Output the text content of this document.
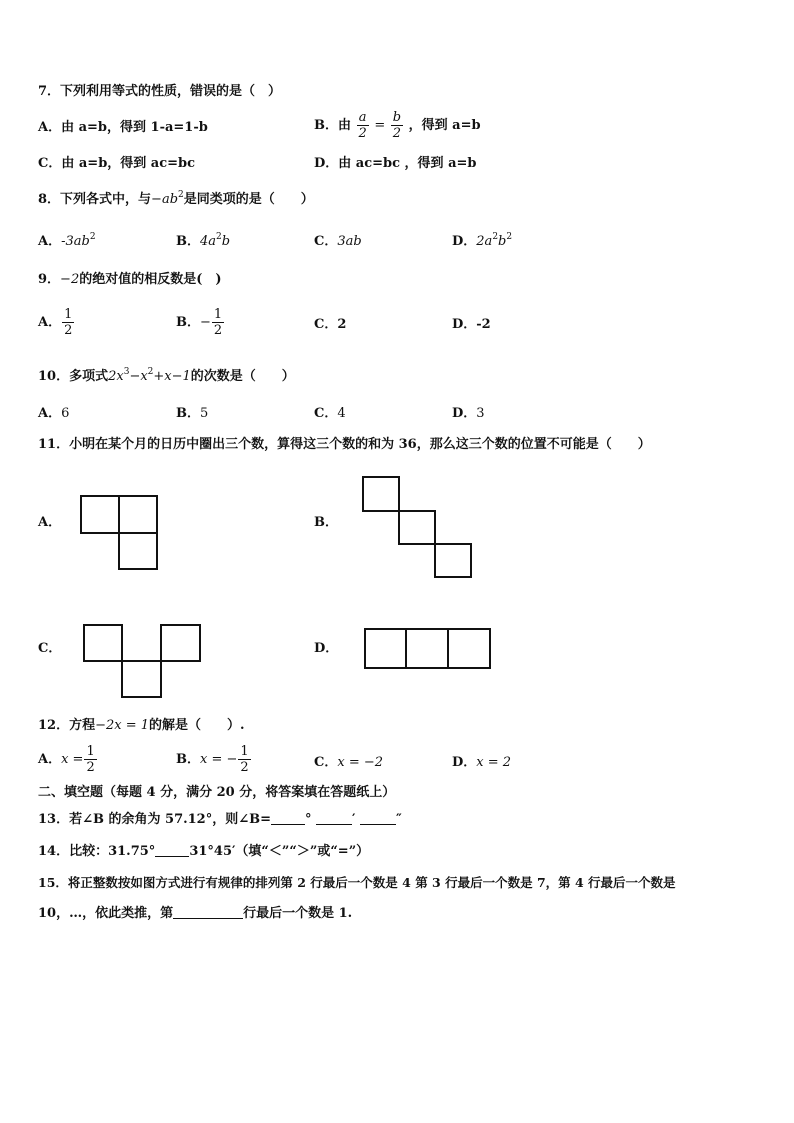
7．下列利用等式的性质，错误的是（　）
A．由 a=b，得到 1-a=1-b	B．由 $\frac{a}{2} = \frac{b}{2}$ ，得到 a=b
C．由 a=b，得到 ac=bc	D．由 ac=bc ，得到 a=b
8．下列各式中，与$-ab^2$是同类项的是（　　）
A．$-3ab^2$	B．$4a^2b$	C．3ab	D．$2a^2b^2$
9．−2的绝对值的相反数是(　)
A． $\frac{1}{2}$	B．− $\frac{1}{2}$	C．2	D．-2
10．多项式$2x^3-x^2+x-1$的次数是（　　）
A．6	B．5	C．4	D．3
11．小明在某个月的日历中圈出三个数，算得这三个数的和为 36，那么这三个数的位置不可能是（　　）
A．	B．
C．	D．
12．方程−2x = 1的解是（　　）.
A．$x = \frac{1}{2}$	B．x = − $\frac{1}{2}$	C．x = −2	D．x = 2
二、填空题（每题 4 分，满分 20 分，将答案填在答题纸上）
13．若∠B 的余角为 57.12°，则∠B=	°	′	″
14．比较：31.75°	31°45′（填“＜”“＞”或“=”）
15．将正整数按如图方式进行有规律的排列第 2 行最后一个数是 4 第 3 行最后一个数是 7，第 4 行最后一个数是
10，…，依此类推，第	行最后一个数是 1.
